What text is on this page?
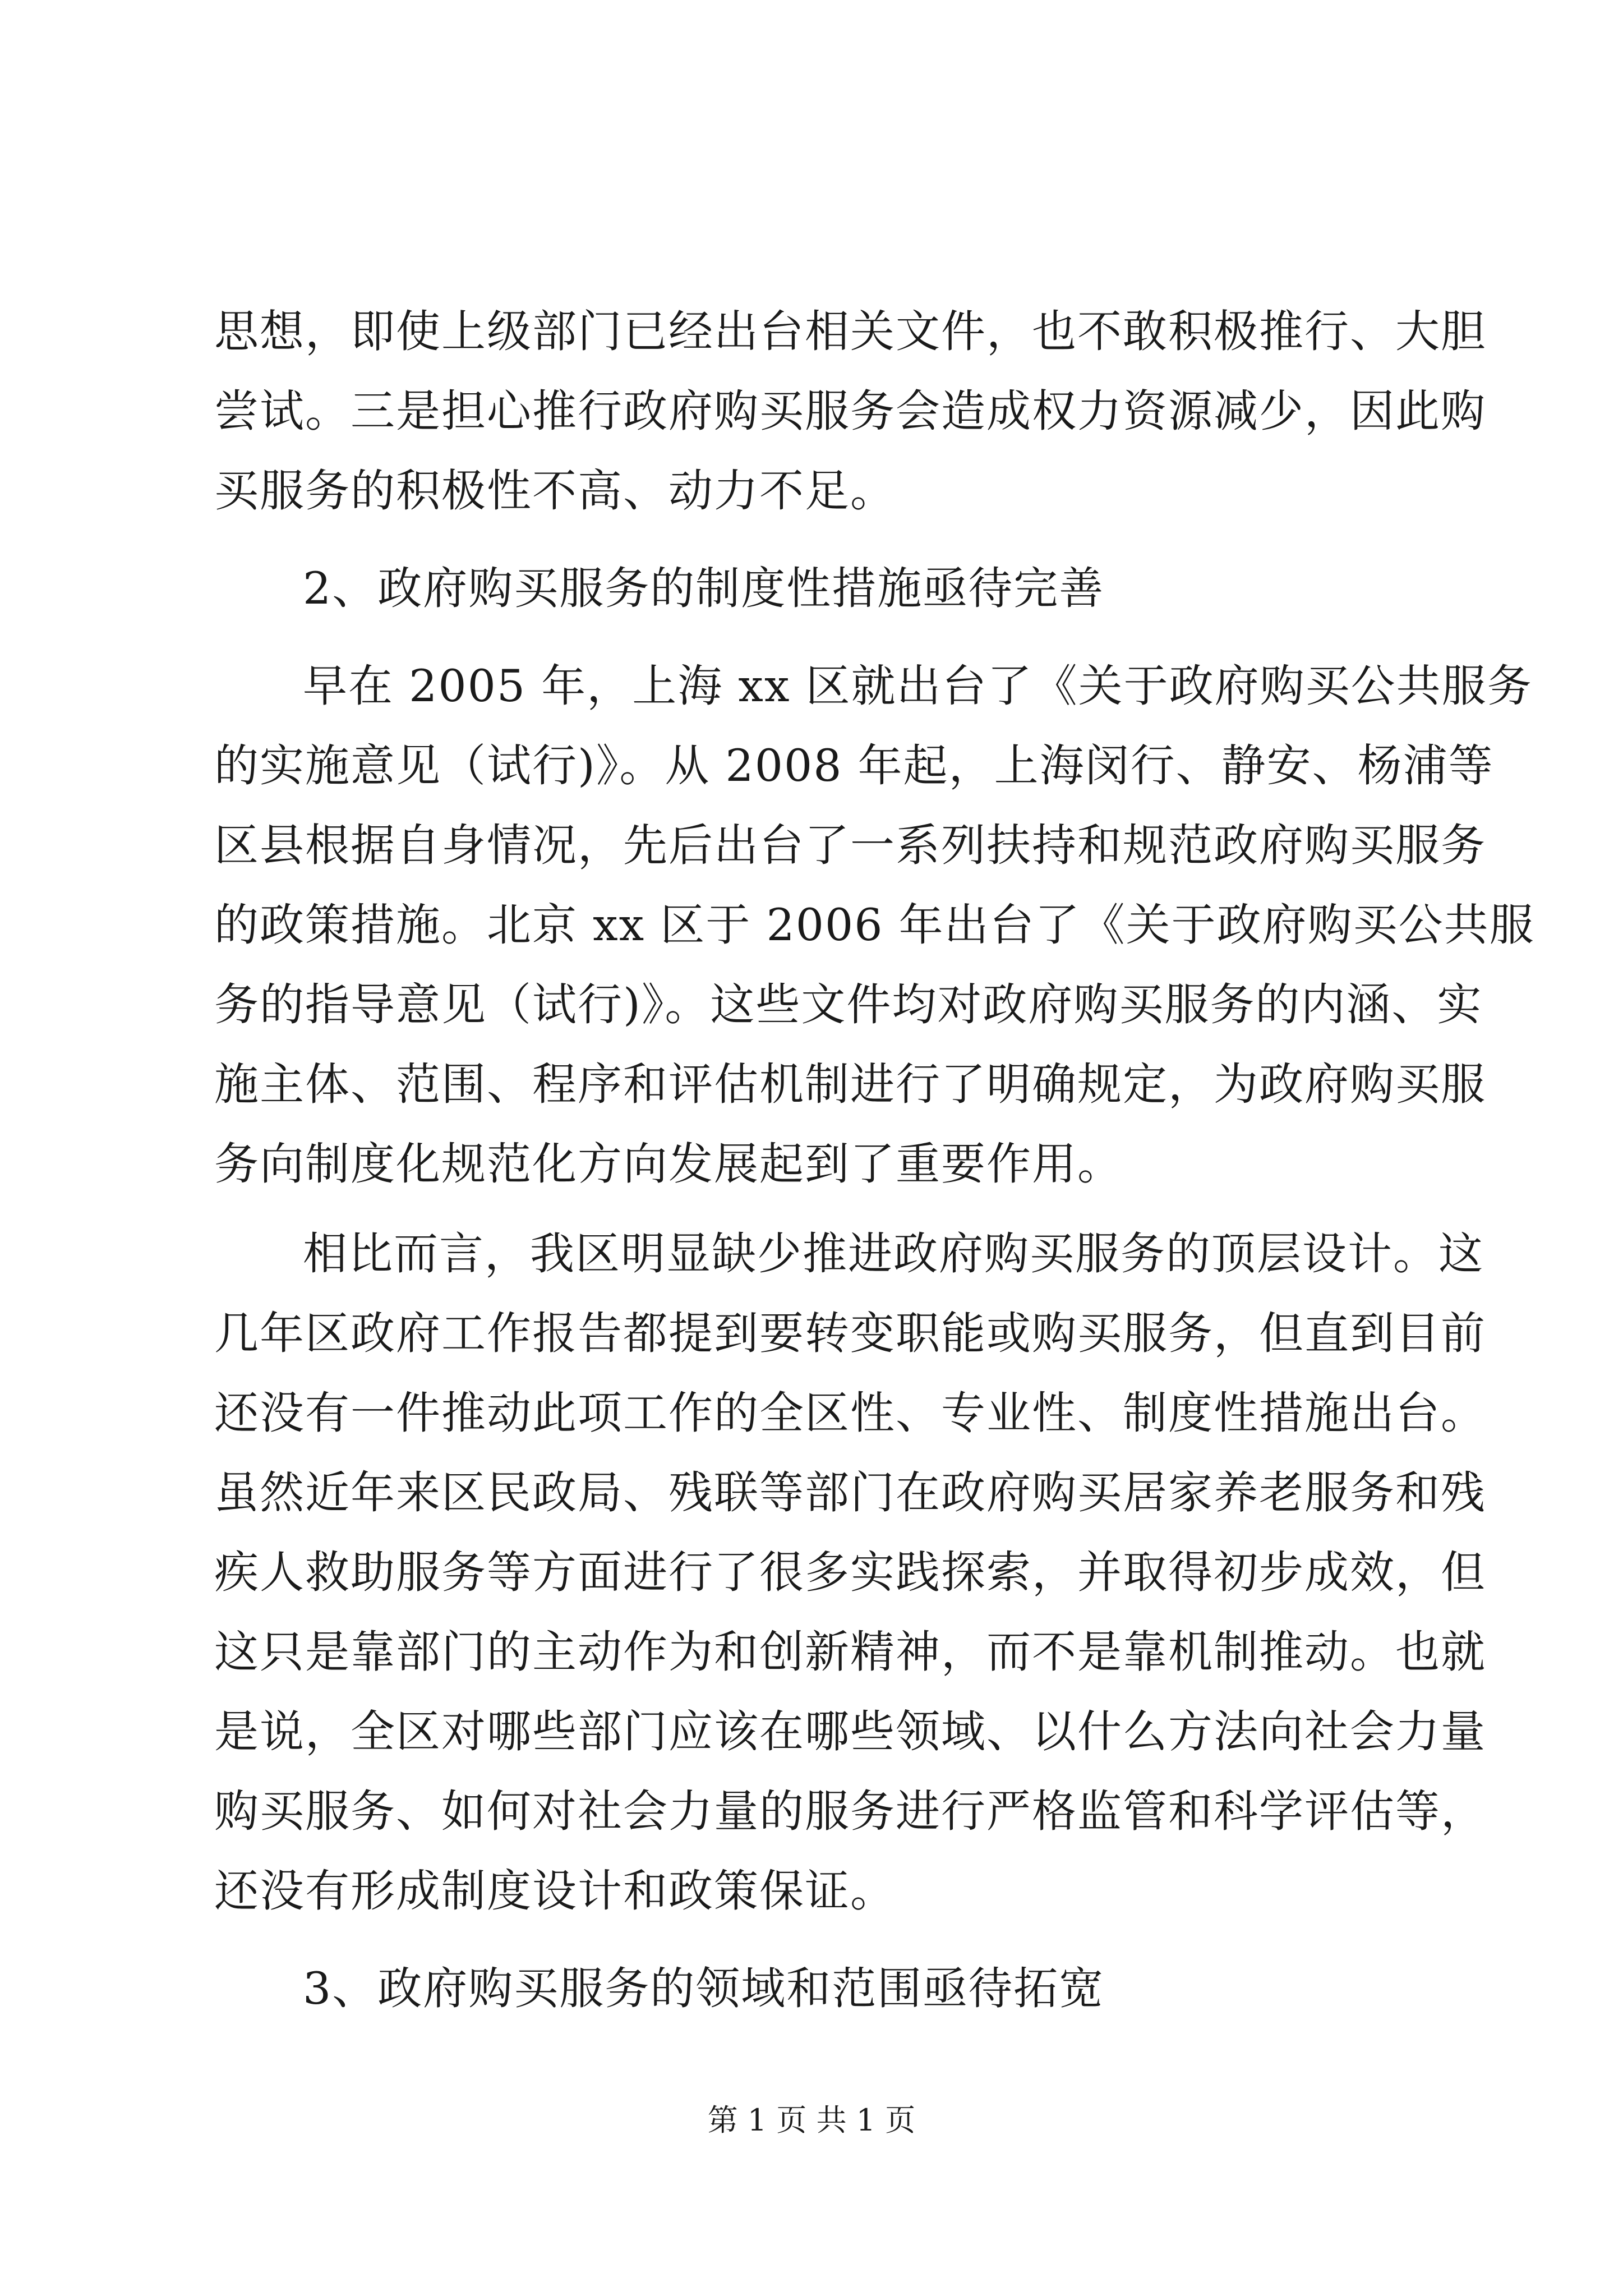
思想，即使上级部门已经出台相关文件，也不敢积极推行、大胆
尝试。三是担心推行政府购买服务会造成权力资源减少，因此购
买服务的积极性不高、动力不足。
2、政府购买服务的制度性措施亟待完善
早在 2005 年，上海 xx 区就出台了《关于政府购买公共服务
的实施意见（试行)》。从 2008 年起，上海闵行、静安、杨浦等
区县根据自身情况，先后出台了一系列扶持和规范政府购买服务
的政策措施。北京 xx 区于 2006 年出台了《关于政府购买公共服
务的指导意见（试行)》。这些文件均对政府购买服务的内涵、实
施主体、范围、程序和评估机制进行了明确规定，为政府购买服
务向制度化规范化方向发展起到了重要作用。
相比而言，我区明显缺少推进政府购买服务的顶层设计。这
几年区政府工作报告都提到要转变职能或购买服务，但直到目前
还没有一件推动此项工作的全区性、专业性、制度性措施出台。
虽然近年来区民政局、残联等部门在政府购买居家养老服务和残
疾人救助服务等方面进行了很多实践探索，并取得初步成效，但
这只是靠部门的主动作为和创新精神，而不是靠机制推动。也就
是说，全区对哪些部门应该在哪些领域、以什么方法向社会力量
购买服务、如何对社会力量的服务进行严格监管和科学评估等，
还没有形成制度设计和政策保证。
3、政府购买服务的领域和范围亟待拓宽
第 1 页 共 1 页
